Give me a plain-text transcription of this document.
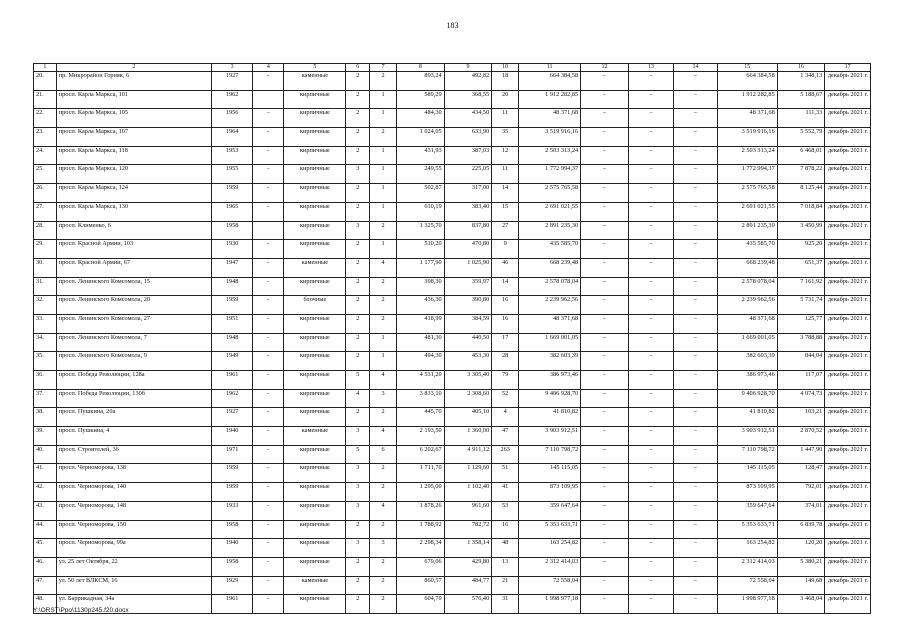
183
1	2	3	4	5	6	7	8	9	10	11	12	13	14	15	16	17
20.	пр. Микрорайон Горняк, 6	1927	-	каменные	2	2	893,24	492,82	18	664 384,58	–	–	–	664 384,58	1 348,13	декабрь 2021 г.
21.	просп. Карла Маркса, 101	1962		кирпичные	2	1	589,29	368,55	20	1 912 282,85	–	–	–	1 912 282,85	5 188,67	декабрь 2021 г.
22.	просп. Карла Маркса, 105	1956	–	кирпичные	2	1	484,30	434,50	11	48 371,68	–	–	–	48 371,68	111,33	декабрь 2021 г.
23.	просп. Карла Маркса, 107	1964	-	кирпичные	2	2	1 024,05	633,90	35	3 519 916,16	–	–	–	3 519 916,16	5 552,79	декабрь 2021 г.
24.	просп. Карла Маркса, 118	1953	–	кирпичные	2	1	431,93	387,03	12	2 503 313,24	–	–	–	2 503 313,24	6 468,01	декабрь 2021 г.
25.	просп. Карла Маркса, 120	1955	-	кирпичные	3	1	249,55	225,05	11	1 772 994,37	–	–	–	1 772 994,37	7 878,22	декабрь 2021 г.
26.	просп. Карла Маркса, 124	1959	-	кирпичные	2	1	502,87	317,00	14	2 575 765,58	–	–	–	2 575 765,58	8 125,44	декабрь 2021 г.
27.	просп. Карла Маркса, 130	1965	-	кирпичные	2	1	610,19	383,40	15	2 691 021,55	–	–	–	2 691 021,55	7 018,84	декабрь 2021 г.
28.	просп. Клименко, 6	1958		кирпичные	3	2	1 325,70	837,80	27	2 891 235,30	–	–	–	2 891 235,30	3 450,99	декабрь 2021 г.
29.	просп. Красной Армии, 103	1930	-	кирпичные	2	1	510,20	470,80	9	435 585,70	–	–	–	435 585,70	925,20	декабрь 2021 г.
30.	просп. Красной Армии, 67	1947	–	каменные	2	4	1 177,90	1 025,90	46	668 239,48	–	–	–	668 239,48	651,37	декабрь 2021 г.
31.	просп. Ленинского Комсомола, 15	1948	-	кирпичные	2	2	398,30	359,97	14	2 578 078,04	–	–	–	2 578 078,04	7 161,92	декабрь 2021 г.
32.	просп. Ленинского Комсомола, 20	1959	-	блочные	2	2	436,30	390,80	16	2 239 962,56	–	–	–	2 239 962,56	5 731,74	декабрь 2021 г.
33.	просп. Ленинского Комсомола, 27	1951	-	кирпичные	2	2	418,99	384,59	16	48 371,68	–	–	–	48 371,68	125,77	декабрь 2021 г.
34.	просп. Ленинского Комсомола, 7	1948	-	кирпичные	2	1	481,30	440,50	17	1 669 001,05	–	–	–	1 669 001,05	3 788,88	декабрь 2021 г.
35.	просп. Ленинского Комсомола, 9	1949	-	кирпичные	2	1	494,30	453,30	28	382 603,39	–	–	–	382 603,39	844,04	декабрь 2021 г.
36.	просп. Победа Революции, 128а	1961	-	кирпичные	5	4	4 531,20	3 305,40	79	386 973,46	–	–	–	386 973,46	117,07	декабрь 2021 г.
37.	просп. Победа Революции, 130б	1962	-	кирпичные	4	3	3 833,10	2 308,60	52	9 406 928,70	–	–	–	9 406 928,70	4 074,73	декабрь 2021 г.
38.	просп. Пушкина, 20а	1927	-	кирпичные	2	2	445,70	405,10	4	41 810,82	–	–	–	41 810,82	103,21	декабрь 2021 г.
39.	просп. Пушкина, 4	1940	-	каменные	3	4	2 193,50	1 360,00	47	3 903 912,51	–	–	–	3 903 912,51	2 870,52	декабрь 2021 г.
40.	просп. Строителей, 36	1971	-	кирпичные	5	6	6 202,67	4 911,12	263	7 110 798,72	–	–	–	7 110 798,72	1 447,90	декабрь 2021 г.
41.	просп. Черноморова, 138	1959	–	кирпичные	3	2	1 711,70	1 129,60	51	145 115,05	–	–	–	145 115,05	128,47	декабрь 2021 г.
42.	просп. Черноморова, 140	1959	-	кирпичные	3	2	1 295,00	1 102,40	41	873 109,95	–	–	–	873 109,95	792,01	декабрь 2021 г.
43.	просп. Черноморова, 148	1933	-	кирпичные	3	4	1 878,26	961,60	53	359 647,64	–	–	–	359 647,64	374,01	декабрь 2021 г.
44.	просп. Черноморова, 150	1958	-	кирпичные	2	2	1 788,92	782,72	16	5 353 633,71	–	–	–	5 353 633,71	6 839,78	декабрь 2021 г.
45.	просп. Черноморова, 99а	1940	-	кирпичные	3	3	2 298,34	1 358,14	48	163 254,82	–	–	–	163 254,82	120,20	декабрь 2021 г.
46.	ул. 25 лет Октября, 22	1958	-	кирпичные	2	2	679,06	429,80	13	2 312 414,03	–	–	–	2 312 414,03	5 380,21	декабрь 2021 г.
47.	ул. 50 лет ВЛКСМ, 16	1929	–	каменные	2	2	860,57	484,77	21	72 558,04	–	–	–	72 558,04	149,68	декабрь 2021 г.
48.	ул. Баррикадная, 34а	1961	-	кирпичные	2	2	604,70	576,40	31	1 998 977,18	–	–	–	1 998 977,18	3 468,04	декабрь 2021 г.
Y:\ORST\Ppo\1130p245.f20.docx
